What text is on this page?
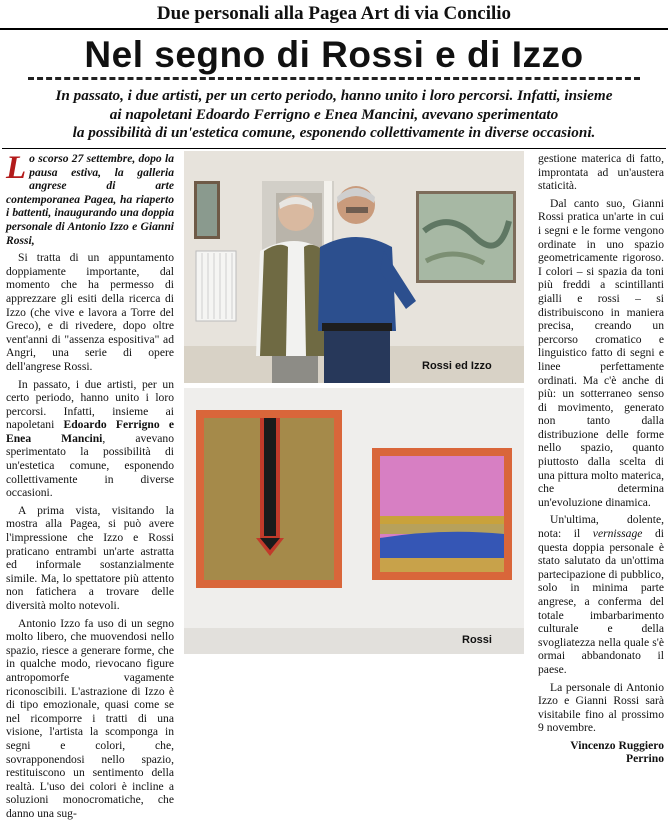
Due personali alla Pagea Art di via Concilio
Nel segno di Rossi e di Izzo
In passato, i due artisti, per un certo periodo, hanno unito i loro percorsi. Infatti, insieme
ai napoletani Edoardo Ferrigno e Enea Mancini, avevano sperimentato
la possibilità di un'estetica comune, esponendo collettivamente in diverse occasioni.

Lo scorso 27 settembre, dopo la pausa estiva, la galleria angrese di arte contemporanea Pagea, ha riaperto i battenti, inaugurando una doppia personale di Antonio Izzo e Gianni Rossi,

Si tratta di un appuntamento doppiamente importante, dal momento che ha permesso di apprezzare gli esiti della ricerca di Izzo (che vive e lavora a Torre del Greco), e di rivedere, dopo oltre vent'anni di "assenza espositiva" ad Angri, una serie di opere dell'angrese Rossi.

In passato, i due artisti, per un certo periodo, hanno unito i loro percorsi. Infatti, insieme ai napoletani Edoardo Ferrigno e Enea Mancini, avevano sperimentato la possibilità di un'estetica comune, esponendo collettivamente in diverse occasioni.

A prima vista, visitando la mostra alla Pagea, si può avere l'impressione che Izzo e Rossi praticano entrambi un'arte astratta ed informale sostanzialmente simile. Ma, lo spettatore più attento non fatichera a trovare delle diversità molto notevoli.

Antonio Izzo fa uso di un segno molto libero, che muovendosi nello spazio, riesce a generare forme, che in qualche modo, rievocano figure antropomorfe vagamente riconoscibili. L'astrazione di Izzo è di tipo emozionale, quasi come se nel ricomporre i tratti di una visione, l'artista la scomponga in segni e colori, che, sovrapponendosi nello spazio, restituiscono un sentimento della realtà. L'uso dei colori è incline a soluzioni monocromatiche, che danno una sug-

Rossi ed Izzo
Rossi

gestione materica di fatto, improntata ad un'austera staticità.

Dal canto suo, Gianni Rossi pratica un'arte in cui i segni e le forme vengono ordinate in uno spazio geometricamente rigoroso. I colori – si spazia da toni più freddi a scintillanti gialli e rossi – si distribuiscono in maniera precisa, creando un percorso cromatico e linguistico fatto di segni e linee perfettamente ordinati. Ma c'è anche di più: un sotterraneo senso di movimento, generato non tanto dalla distribuzione delle forme nello spazio, quanto piuttosto dalla scelta di una pittura molto materica, che determina un'evoluzione dinamica.

Un'ultima, dolente, nota: il vernissage di questa doppia personale è stato salutato da un'ottima partecipazione di pubblico, solo in minima parte angrese, a conferma del totale imbarbarimento culturale e della svogliatezza nella quale s'è ormai abbandonato il paese.

La personale di Antonio Izzo e Gianni Rossi sarà visitabile fino al prossimo 9 novembre.

Vincenzo Ruggiero
Perrino
